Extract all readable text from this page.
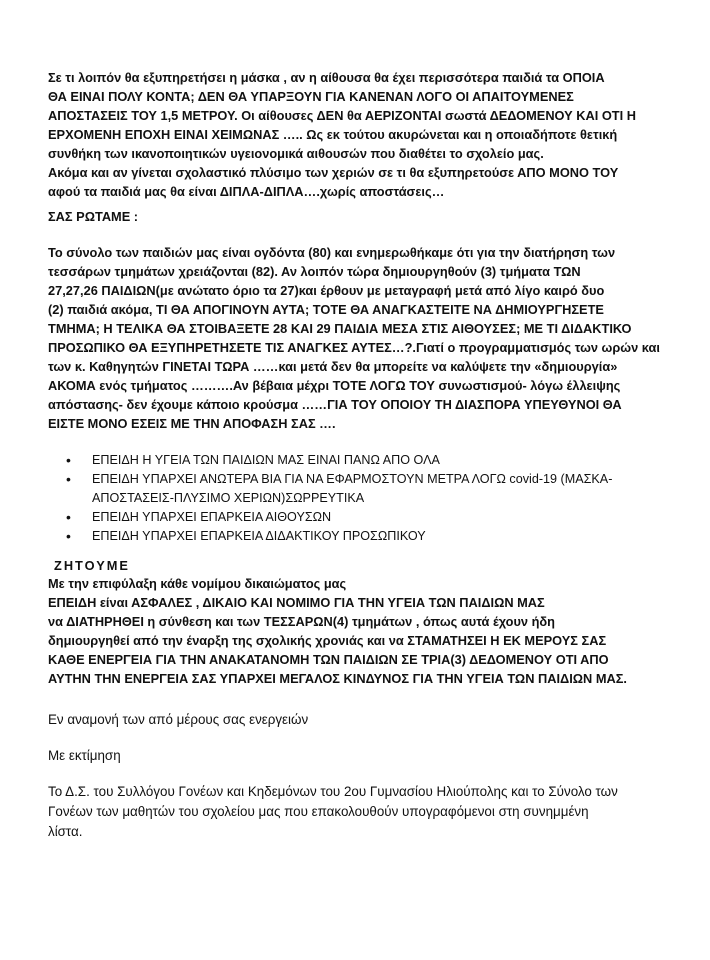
Σε τι λοιπόν θα εξυπηρετήσει η μάσκα , αν η αίθουσα θα έχει περισσότερα παιδιά τα ΟΠΟΙΑ
ΘΑ ΕΙΝΑΙ ΠΟΛΥ ΚΟΝΤΑ; ΔΕΝ ΘΑ ΥΠΑΡΞΟΥΝ ΓΙΑ ΚΑΝΕΝΑΝ ΛΟΓΟ ΟΙ ΑΠΑΙΤΟΥΜΕΝΕΣ
ΑΠΟΣΤΑΣΕΙΣ ΤΟΥ 1,5 ΜΕΤΡΟΥ. Οι αίθουσες ΔΕΝ θα ΑΕΡΙΖΟΝΤΑΙ σωστά ΔΕΔΟΜΕΝΟΥ ΚΑΙ ΟΤΙ Η
ΕΡΧΟΜΕΝΗ ΕΠΟΧΗ ΕΙΝΑΙ ΧΕΙΜΩΝΑΣ ….. Ως εκ τούτου ακυρώνεται και η οποιαδήποτε θετική
συνθήκη των ικανοποιητικών υγειονομικά αιθουσών που διαθέτει το σχολείο μας.
Ακόμα και αν γίνεται σχολαστικό πλύσιμο των χεριών σε τι θα εξυπηρετούσε ΑΠΟ ΜΟΝΟ ΤΟΥ
αφού τα παιδιά μας θα είναι ΔΙΠΛΑ-ΔΙΠΛΑ….χωρίς αποστάσεις…
ΣΑΣ ΡΩΤΑΜΕ :
Το σύνολο των παιδιών μας είναι ογδόντα (80) και ενημερωθήκαμε ότι για την διατήρηση των
τεσσάρων τμημάτων χρειάζονται (82). Αν λοιπόν τώρα δημιουργηθούν (3) τμήματα ΤΩΝ
27,27,26 ΠΑΙΔΙΩΝ(με ανώτατο όριο τα 27)και έρθουν με μεταγραφή μετά από λίγο καιρό δυο
(2) παιδιά ακόμα, ΤΙ ΘΑ ΑΠΟΓΙΝΟΥΝ ΑΥΤΑ; ΤΟΤΕ ΘΑ ΑΝΑΓΚΑΣΤΕΙΤΕ ΝΑ ΔΗΜΙΟΥΡΓΗΣΕΤΕ
ΤΜΗΜΑ; Η ΤΕΛΙΚΑ ΘΑ ΣΤΟΙΒΑΞΕΤΕ 28 ΚΑΙ 29 ΠΑΙΔΙΑ ΜΕΣΑ ΣΤΙΣ ΑΙΘΟΥΣΕΣ; ΜΕ ΤΙ ΔΙΔΑΚΤΙΚΟ
ΠΡΟΣΩΠΙΚΟ ΘΑ ΕΞΥΠΗΡΕΤΗΣΕΤΕ ΤΙΣ ΑΝΑΓΚΕΣ ΑΥΤΕΣ…?.Γιατί ο προγραμματισμός των ωρών και
των κ. Καθηγητών ΓΙΝΕΤΑΙ ΤΩΡΑ ……και μετά δεν θα μπορείτε να καλύψετε την «δημιουργία»
ΑΚΟΜΑ ενός τμήματος ……….Αν βέβαια μέχρι ΤΟΤΕ ΛΟΓΩ ΤΟΥ συνωστισμού- λόγω έλλειψης
απόστασης- δεν έχουμε κάποιο κρούσμα ……ΓΙΑ ΤΟΥ ΟΠΟΙΟΥ ΤΗ ΔΙΑΣΠΟΡΑ ΥΠΕΥΘΥΝΟΙ ΘΑ
ΕΙΣΤΕ ΜΟΝΟ ΕΣΕΙΣ ΜΕ ΤΗΝ ΑΠΟΦΑΣΗ ΣΑΣ ….
• ΕΠΕΙΔΗ Η ΥΓΕΙΑ ΤΩΝ ΠΑΙΔΙΩΝ ΜΑΣ ΕΙΝΑΙ ΠΑΝΩ ΑΠΟ ΟΛΑ
• ΕΠΕΙΔΗ ΥΠΑΡΧΕΙ ΑΝΩΤΕΡΑ ΒΙΑ ΓΙΑ ΝΑ ΕΦΑΡΜΟΣΤΟΥΝ ΜΕΤΡΑ ΛΟΓΩ covid-19 (ΜΑΣΚΑ-
ΑΠΟΣΤΑΣΕΙΣ-ΠΛΥΣΙΜΟ ΧΕΡΙΩΝ)ΣΩΡΡΕΥΤΙΚΑ
• ΕΠΕΙΔΗ ΥΠΑΡΧΕΙ ΕΠΑΡΚΕΙΑ ΑΙΘΟΥΣΩΝ
• ΕΠΕΙΔΗ ΥΠΑΡΧΕΙ ΕΠΑΡΚΕΙΑ ΔΙΔΑΚΤΙΚΟΥ ΠΡΟΣΩΠΙΚΟΥ
ΖΗΤΟΥΜΕ
Με την επιφύλαξη κάθε νομίμου δικαιώματος μας
ΕΠΕΙΔΗ είναι ΑΣΦΑΛΕΣ , ΔΙΚΑΙΟ ΚΑΙ ΝΟΜΙΜΟ ΓΙΑ ΤΗΝ ΥΓΕΙΑ ΤΩΝ ΠΑΙΔΙΩΝ ΜΑΣ
να ΔΙΑΤΗΡΗΘΕΙ η σύνθεση και των ΤΕΣΣΑΡΩΝ(4) τμημάτων , όπως αυτά έχουν ήδη
δημιουργηθεί από την έναρξη της σχολικής χρονιάς και να ΣΤΑΜΑΤΗΣΕΙ Η ΕΚ ΜΕΡΟΥΣ ΣΑΣ
ΚΑΘΕ ΕΝΕΡΓΕΙΑ ΓΙΑ ΤΗΝ ΑΝΑΚΑΤΑΝΟΜΗ ΤΩΝ ΠΑΙΔΙΩΝ ΣΕ ΤΡΙΑ(3) ΔΕΔΟΜΕΝΟΥ ΟΤΙ ΑΠΟ
ΑΥΤΗΝ ΤΗΝ ΕΝΕΡΓΕΙΑ ΣΑΣ ΥΠΑΡΧΕΙ ΜΕΓΑΛΟΣ ΚΙΝΔΥΝΟΣ ΓΙΑ ΤΗΝ ΥΓΕΙΑ ΤΩΝ ΠΑΙΔΙΩΝ ΜΑΣ.
Εν αναμονή των από μέρους σας ενεργειών
Με εκτίμηση
Το Δ.Σ. του Συλλόγου Γονέων και Κηδεμόνων του 2ου Γυμνασίου Ηλιούπολης και το Σύνολο των
Γονέων των μαθητών του σχολείου μας που επακολουθούν υπογραφόμενοι στη συνημμένη
λίστα.
